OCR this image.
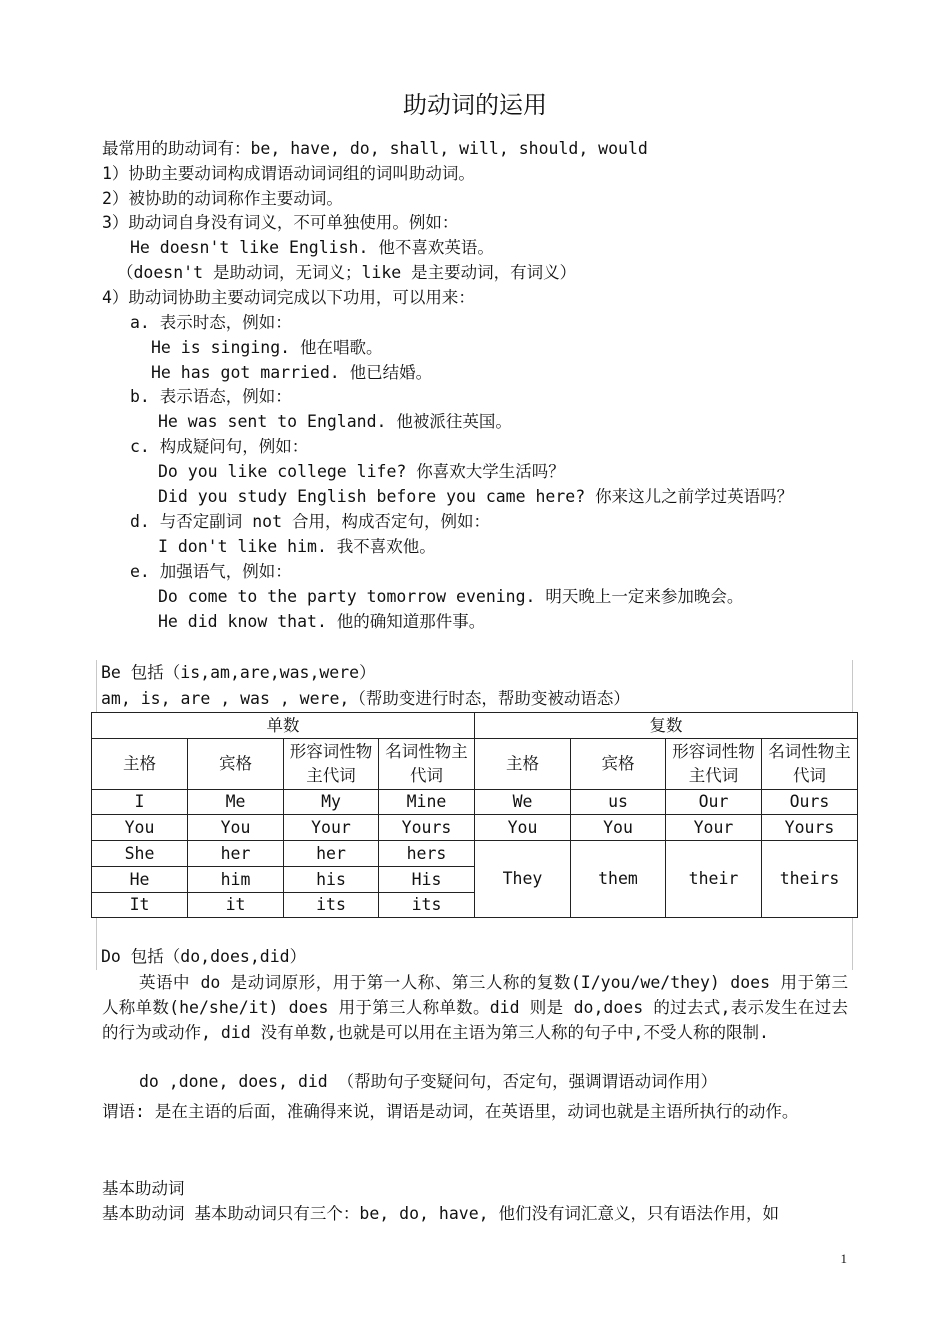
助动词的运用
最常用的助动词有：be, have, do, shall, will, should, would
1）协助主要动词构成谓语动词词组的词叫助动词。
2）被协助的动词称作主要动词。
3）助动词自身没有词义，不可单独使用。例如：
He doesn't like English. 他不喜欢英语。
（doesn't 是助动词，无词义；like 是主要动词，有词义）
4）助动词协助主要动词完成以下功用，可以用来：
a. 表示时态，例如：
He is singing. 他在唱歌。
He has got married. 他已结婚。
b. 表示语态，例如：
He was sent to England. 他被派往英国。
c. 构成疑问句，例如：
Do you like college life? 你喜欢大学生活吗？
Did you study English before you came here? 你来这儿之前学过英语吗？
d. 与否定副词 not 合用，构成否定句，例如：
I don't like him. 我不喜欢他。
e. 加强语气，例如：
Do come to the party tomorrow evening. 明天晚上一定来参加晚会。
He did know that. 他的确知道那件事。
Be 包括（is,am,are,was,were）
am, is, are , was , were,（帮助变进行时态，帮助变被动语态）
单数				复数			
主格	宾格	形容词性物主代词	名词性物主代词	主格	宾格	形容词性物主代词	名词性物主代词
I	Me	My	Mine	We	us	Our	Ours
You	You	Your	Yours	You	You	Your	Yours
She	her	her	hers	They	them	their	theirs
He	him	his	His				
It	it	its	its				
Do 包括（do,does,did）
英语中 do 是动词原形，用于第一人称、第三人称的复数(I/you/we/they) does 用于第三人称单数(he/she/it) does 用于第三人称单数。did 则是 do,does 的过去式,表示发生在过去的行为或动作, did 没有单数,也就是可以用在主语为第三人称的句子中,不受人称的限制.
do ,done, does, did （帮助句子变疑问句，否定句，强调谓语动词作用）
谓语: 是在主语的后面，准确得来说，谓语是动词，在英语里，动词也就是主语所执行的动作。
基本助动词
基本助动词 基本助动词只有三个：be, do, have, 他们没有词汇意义，只有语法作用，如
1
